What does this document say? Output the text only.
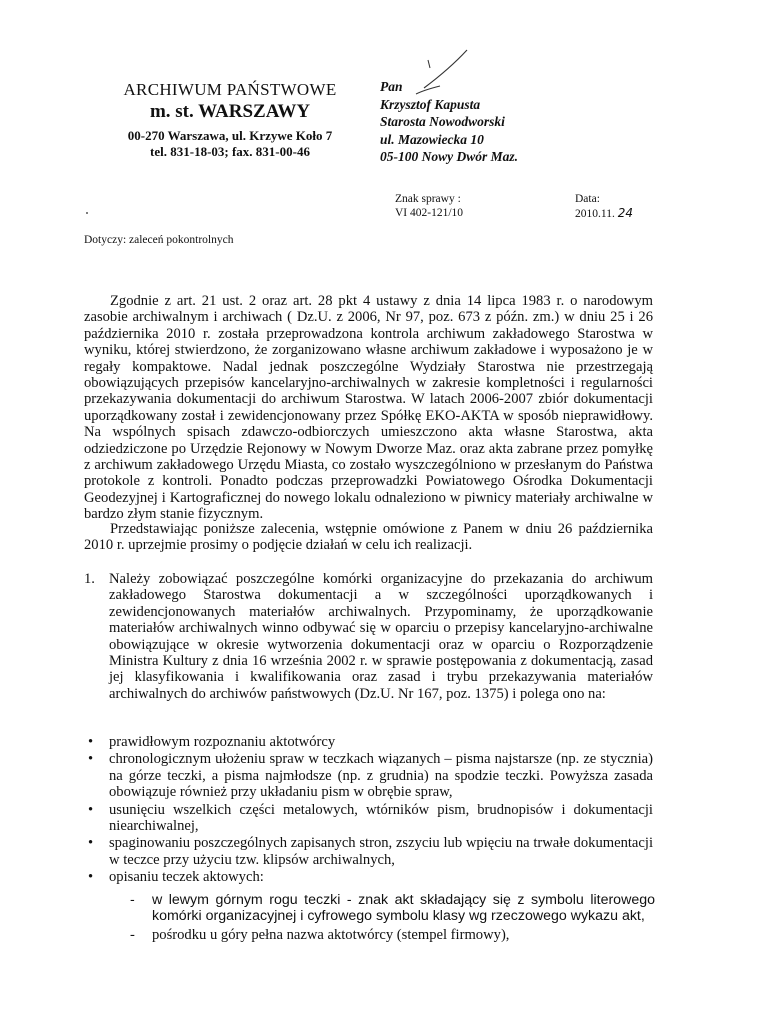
ARCHIWUM PAŃSTWOWE
m. st. WARSZAWY
00-270 Warszawa, ul. Krzywe Koło 7
tel. 831-18-03; fax. 831-00-46
Pan
Krzysztof Kapusta
Starosta Nowodworski
ul. Mazowiecka 10
05-100 Nowy Dwór Maz.
Znak sprawy :
VI 402-121/10
Data:
2010.11. 24
Dotyczy: zaleceń pokontrolnych
Zgodnie z art. 21 ust. 2 oraz art. 28 pkt 4 ustawy z dnia 14 lipca 1983 r. o narodowym zasobie archiwalnym i archiwach ( Dz.U. z 2006, Nr 97, poz. 673 z późn. zm.) w dniu 25 i 26 października 2010 r. została przeprowadzona kontrola archiwum zakładowego Starostwa w wyniku, której stwierdzono, że zorganizowano własne archiwum zakładowe i wyposażono je w regały kompaktowe. Nadal jednak poszczególne Wydziały Starostwa nie przestrzegają obowiązujących przepisów kancelaryjno-archiwalnych w zakresie kompletności i regularności przekazywania dokumentacji do archiwum Starostwa. W latach 2006-2007 zbiór dokumentacji uporządkowany został i zewidencjonowany przez Spółkę EKO-AKTA w sposób nieprawidłowy. Na wspólnych spisach zdawczo-odbiorczych umieszczono akta własne Starostwa, akta odziedziczone po Urzędzie Rejonowy w Nowym Dworze Maz. oraz akta zabrane przez pomyłkę z archiwum zakładowego Urzędu Miasta, co zostało wyszczególniono w przesłanym do Państwa protokole z kontroli. Ponadto podczas przeprowadzki Powiatowego Ośrodka Dokumentacji Geodezyjnej i Kartograficznej do nowego lokalu odnaleziono w piwnicy materiały archiwalne w bardzo złym stanie fizycznym.
Przedstawiając poniższe zalecenia, wstępnie omówione z Panem w dniu 26 października 2010 r. uprzejmie prosimy o podjęcie działań w celu ich realizacji.
1. Należy zobowiązać poszczególne komórki organizacyjne do przekazania do archiwum zakładowego Starostwa dokumentacji a w szczególności uporządkowanych i zewidencjonowanych materiałów archiwalnych. Przypominamy, że uporządkowanie materiałów archiwalnych winno odbywać się w oparciu o przepisy kancelaryjno-archiwalne obowiązujące w okresie wytworzenia dokumentacji oraz w oparciu o Rozporządzenie Ministra Kultury z dnia 16 września 2002 r. w sprawie postępowania z dokumentacją, zasad jej klasyfikowania i kwalifikowania oraz zasad i trybu przekazywania materiałów archiwalnych do archiwów państwowych (Dz.U. Nr 167, poz. 1375) i polega ono na:
• prawidłowym rozpoznaniu aktotwórcy
• chronologicznym ułożeniu spraw w teczkach wiązanych – pisma najstarsze (np. ze stycznia) na górze teczki, a pisma najmłodsze (np. z grudnia) na spodzie teczki. Powyższa zasada obowiązuje również przy układaniu pism w obrębie spraw,
• usunięciu wszelkich części metalowych, wtórników pism, brudnopisów i dokumentacji niearchiwalnej,
• spaginowaniu poszczególnych zapisanych stron, zszyciu lub wpięciu na trwałe dokumentacji w teczce przy użyciu tzw. klipsów archiwalnych,
• opisaniu teczek aktowych:
- w lewym górnym rogu teczki - znak akt składający się z symbolu literowego komórki organizacyjnej i cyfrowego symbolu klasy wg rzeczowego wykazu akt,
- pośrodku u góry pełna nazwa aktotwórcy (stempel firmowy),
